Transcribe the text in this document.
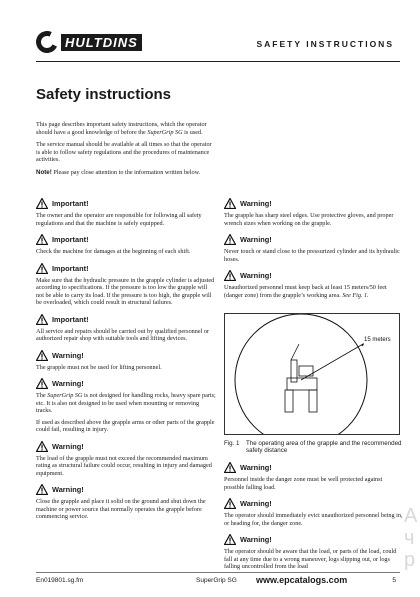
HULTDINS	SAFETY INSTRUCTIONS
Safety instructions

This page describes important safety instructions, which the operator should have a good knowledge of before the SuperGrip SG is used.

The service manual should be available at all times so that the operator is able to follow safety regulations and the procedures of maintenance activities.

Note! Please pay close attention to the information written below.

Important!
The owner and the operator are responsible for following all safety regulations and that the machine is safely equipped.
Important!
Check the machine for damages at the beginning of each shift.
Important!
Make sure that the hydraulic pressure in the grapple cylinder is adjusted according to specifications. If the pressure is too low the grapple will not be able to carry its load. If the pressure is too high, the grapple will be overloaded, which could result in structural failures.
Important!
All service and repairs should be carried out by qualified personnel or authorized repair shop with suitable tools and lifting devices.
Warning!
The grapple must not be used for lifting personnel.
Warning!

The SuperGrip SG is not designed for handling rocks, heavy spare parts; etc. It is also not designed to be used when mounting or removing tracks.

If used as described above the grapple arms or other parts of the grapple could fail, resulting in injury.

Warning!
The load of the grapple must not exceed the recommended maximum rating as structural failure could occur, resulting in injury and damaged equipment.
Warning!
Close the grapple and place it solid on the ground and shut down the machine or power source that normally operates the grapple before commencing service.
Warning!
The grapple has sharp steel edges. Use protective gloves, and proper wrench sizes when working on the grapple.
Warning!
Never touch or stand close to the pressurized cylinder and its hydraulic hoses.
Warning!
Unauthorized personnel must keep back at least 15 meters/50 feet (danger zone) from the grapple’s working area. See Fig. 1.
15 meters
Fig. 1	The operating area of the grapple and the recommended safety distance
Warning!
Personnel inside the danger zone must be well protected against possible falling load.
Warning!
The operator should immediately evict unauthorized personnel being in, or heading for, the danger zone.
Warning!
The operator should be aware that the load, or parts of the load, could fall at any time due to a wrong maneuver, logs slipping out, or logs falling uncontrolled from the load
А ч р
En019801.sg.fm	SuperGrip SG www.epcatalogs.com	5
